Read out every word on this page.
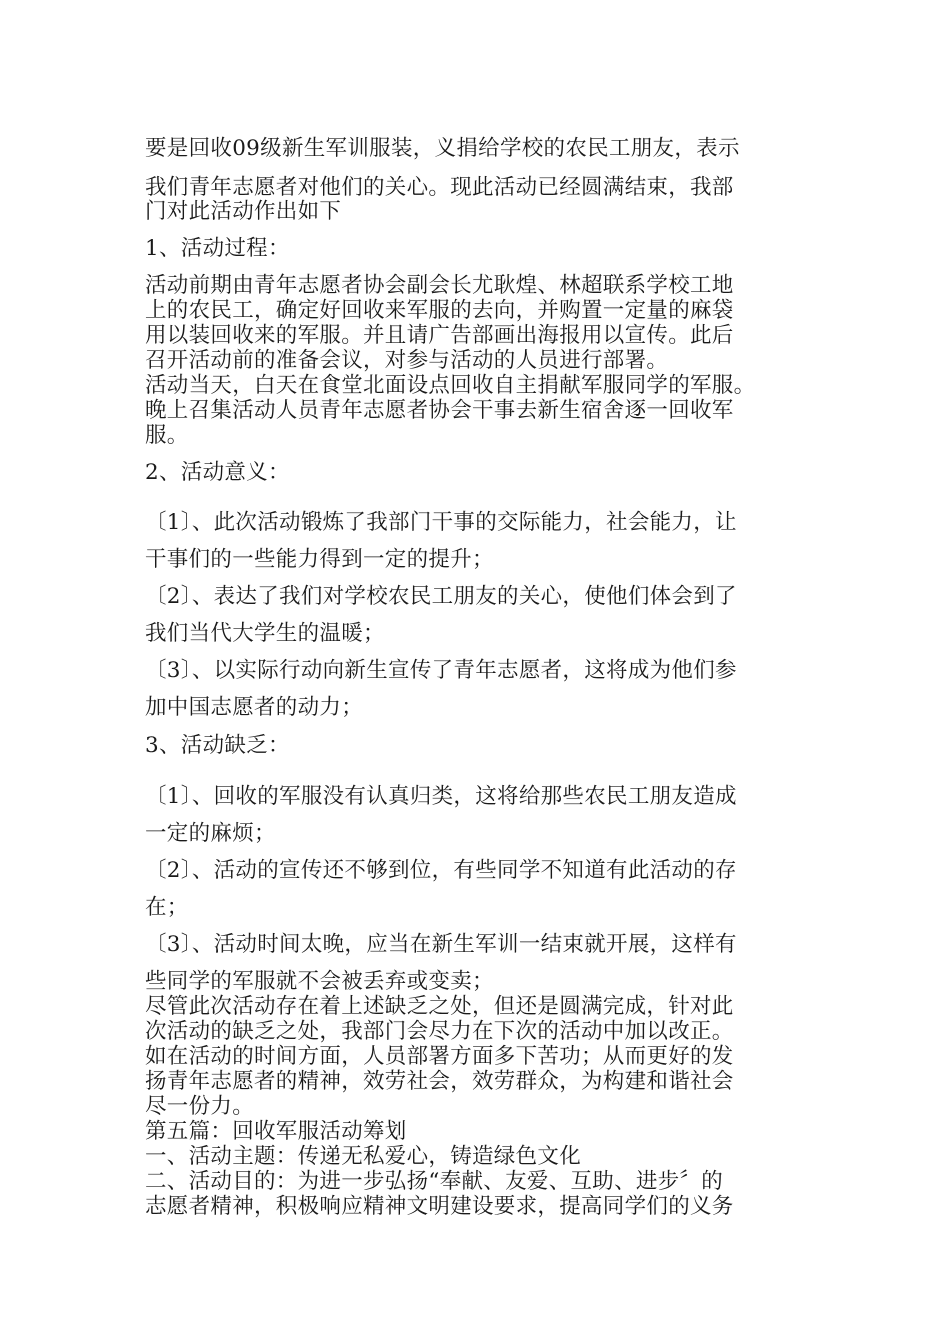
要是回收09级新生军训服装，义捐给学校的农民工朋友，表示
我们青年志愿者对他们的关心。现此活动已经圆满结束，我部
门对此活动作出如下
1、活动过程：
活动前期由青年志愿者协会副会长尤耿煌、林超联系学校工地
上的农民工，确定好回收来军服的去向，并购置一定量的麻袋
用以装回收来的军服。并且请广告部画出海报用以宣传。此后
召开活动前的准备会议，对参与活动的人员进行部署。
活动当天，白天在食堂北面设点回收自主捐献军服同学的军服。
晚上召集活动人员青年志愿者协会干事去新生宿舍逐一回收军
服。
2、活动意义：
〔1〕、此次活动锻炼了我部门干事的交际能力，社会能力，让
干事们的一些能力得到一定的提升；
〔2〕、表达了我们对学校农民工朋友的关心，使他们体会到了
我们当代大学生的温暖；
〔3〕、以实际行动向新生宣传了青年志愿者，这将成为他们参
加中国志愿者的动力；
3、活动缺乏：
〔1〕、回收的军服没有认真归类，这将给那些农民工朋友造成
一定的麻烦；
〔2〕、活动的宣传还不够到位，有些同学不知道有此活动的存
在；
〔3〕、活动时间太晚，应当在新生军训一结束就开展，这样有
些同学的军服就不会被丢弃或变卖；
尽管此次活动存在着上述缺乏之处，但还是圆满完成，针对此
次活动的缺乏之处，我部门会尽力在下次的活动中加以改正。
如在活动的时间方面，人员部署方面多下苦功；从而更好的发
扬青年志愿者的精神，效劳社会，效劳群众，为构建和谐社会
尽一份力。
第五篇：回收军服活动筹划
一、活动主题：传递无私爱心，铸造绿色文化
二、活动目的：为进一步弘扬“奉献、友爱、互助、进步〞的
志愿者精神，积极响应精神文明建设要求，提高同学们的义务
